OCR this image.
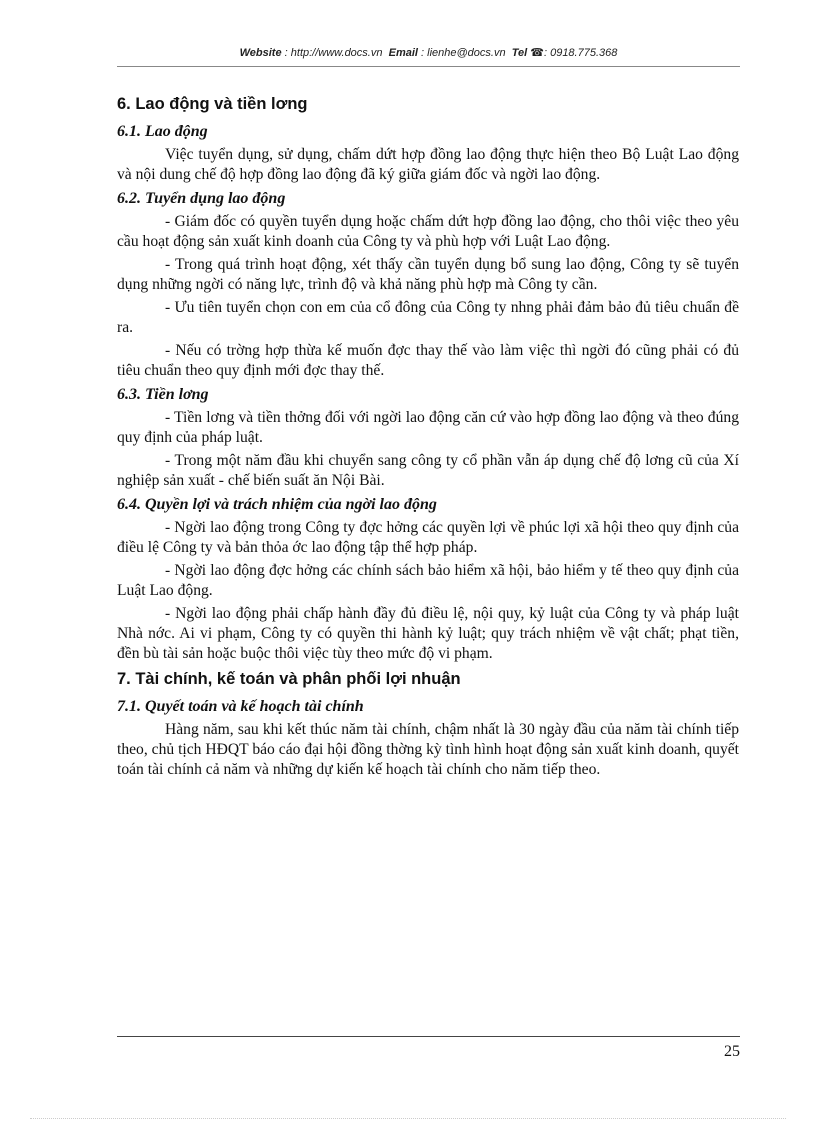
Website : http://www.docs.vn Email : lienhe@docs.vn Tel ☎: 0918.775.368
6. Lao động và tiền lơng
6.1. Lao động

Việc tuyển dụng, sử dụng, chấm dứt hợp đồng lao động thực hiện theo Bộ Luật Lao động và nội dung chế độ hợp đồng lao động đã ký giữa giám đốc và ngời lao động.

6.2. Tuyển dụng lao động

- Giám đốc có quyền tuyển dụng hoặc chấm dứt hợp đồng lao động, cho thôi việc theo yêu cầu hoạt động sản xuất kinh doanh của Công ty và phù hợp với Luật Lao động.

- Trong quá trình hoạt động, xét thấy cần tuyển dụng bổ sung lao động, Công ty sẽ tuyển dụng những ngời có năng lực, trình độ và khả năng phù hợp mà Công ty cần.

- Ưu tiên tuyển chọn con em của cổ đông của Công ty nhng phải đảm bảo đủ tiêu chuẩn đề ra.

- Nếu có trờng hợp thừa kế muốn đợc thay thế vào làm việc thì ngời đó cũng phải có đủ tiêu chuẩn theo quy định mới đợc thay thế.

6.3. Tiền lơng

- Tiền lơng và tiền thởng đối với ngời lao động căn cứ vào hợp đồng lao động và theo đúng quy định của pháp luật.

- Trong một năm đầu khi chuyển sang công ty cổ phần vẫn áp dụng chế độ lơng cũ của Xí nghiệp sản xuất - chế biến suất ăn Nội Bài.

6.4. Quyền lợi và trách nhiệm của ngời lao động

- Ngời lao động trong Công ty đợc hởng các quyền lợi về phúc lợi xã hội theo quy định của điều lệ Công ty và bản thỏa ớc lao động tập thể hợp pháp.

- Ngời lao động đợc hởng các chính sách bảo hiểm xã hội, bảo hiểm y tế theo quy định của Luật Lao động.

- Ngời lao động phải chấp hành đầy đủ điều lệ, nội quy, kỷ luật của Công ty và pháp luật Nhà nớc. Ai vi phạm, Công ty có quyền thi hành kỷ luật; quy trách nhiệm về vật chất; phạt tiền, đền bù tài sản hoặc buộc thôi việc tùy theo mức độ vi phạm.

7. Tài chính, kế toán và phân phối lợi nhuận
7.1. Quyết toán và kế hoạch tài chính

Hàng năm, sau khi kết thúc năm tài chính, chậm nhất là 30 ngày đầu của năm tài chính tiếp theo, chủ tịch HĐQT báo cáo đại hội đồng thờng kỳ tình hình hoạt động sản xuất kinh doanh, quyết toán tài chính cả năm và những dự kiến kế hoạch tài chính cho năm tiếp theo.

25
